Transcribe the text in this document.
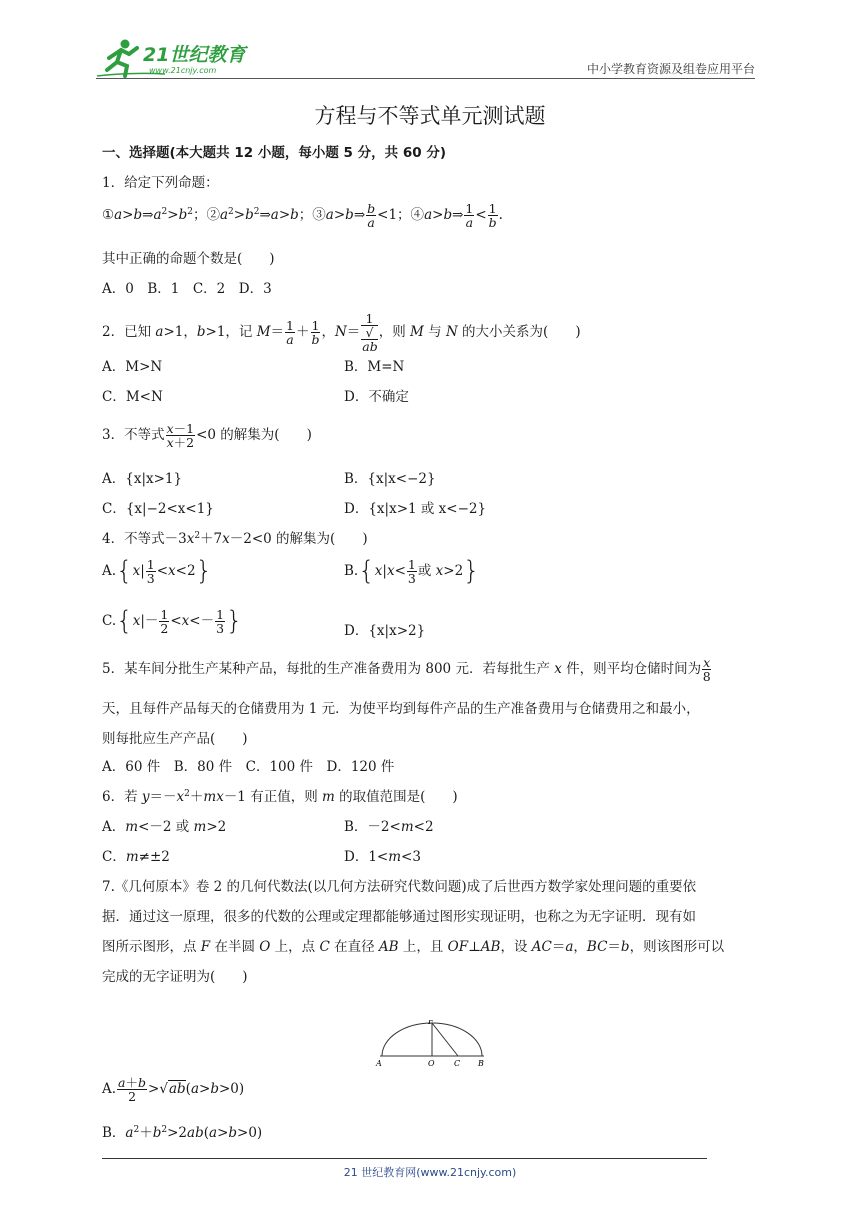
21世纪教育
www.21cnjy.com	中小学教育资源及组卷应用平台
方程与不等式单元测试题
一、选择题(本大题共 12 小题，每小题 5 分，共 60 分)
1．给定下列命题：
$①a>b\Rightarrow a^2>b^2$；$②a^2>b^2\Rightarrow a>b$；③a>b⇒ $\frac{b}{a} <1$；④a>b⇒ $\frac{1}{a} < \frac{1}{b}$ .
其中正确的命题个数是(　　)
A．0　B．1　C．2　D．3
2．已知 a>1，b>1，记 $M= \frac{1}{a} + \frac{1}{b}$ ，N＝ 1
√
ab ，则 M 与 N 的大小关系为(　　)
A．M>N	B．M=N
C．M<N	D．不确定
3．不等式 $\frac{x-1}{x+2} <0$ 的解集为(　　)
A．{x|x>1}	B．{x|x<−2}
C．{x|−2<x<1}	D．{x|x>1 或 x<−2}
4．不等式$-3x^2+7x-2<0$ 的解集为(　　)
$A.\{x| \frac{1}{3} <x<2\}$	$B.\{x|x< \frac{1}{3}$ 或 x>2}
$C.\{x|- \frac{1}{2} <x<- \frac{1}{3}$ }	D．{x|x>2}
5．某车间分批生产某种产品，每批的生产准备费用为 800 元．若每批生产 x 件，则平均仓储时间为 $\frac{x}{8}$
天，且每件产品每天的仓储费用为 1 元．为使平均到每件产品的生产准备费用与仓储费用之和最小，
则每批应生产产品(　　)
A．60 件　B．80 件　C．100 件　D．120 件
6．若 $y=-x^2+mx-1$ 有正值，则 m 的取值范围是(　　)
A．m<－2 或 m>2	B．－2<m<2
C．m≠±2	D．1<m<3
7.《几何原本》卷 2 的几何代数法(以几何方法研究代数问题)成了后世西方数学家处理问题的重要依
据．通过这一原理，很多的代数的公理或定理都能够通过图形实现证明，也称之为无字证明．现有如
图所示图形，点 F 在半圆 O 上，点 C 在直径 AB 上，且 OF⊥AB，设 AC＝a，BC＝b，则该图形可以
完成的无字证明为(　　)
A. $\frac{a+b}{2} >√ab(a>b>0)$
B．$a^2+b^2>2ab(a>b>0)$
F
A	O C B
21 世纪教育网(www.21cnjy.com)
